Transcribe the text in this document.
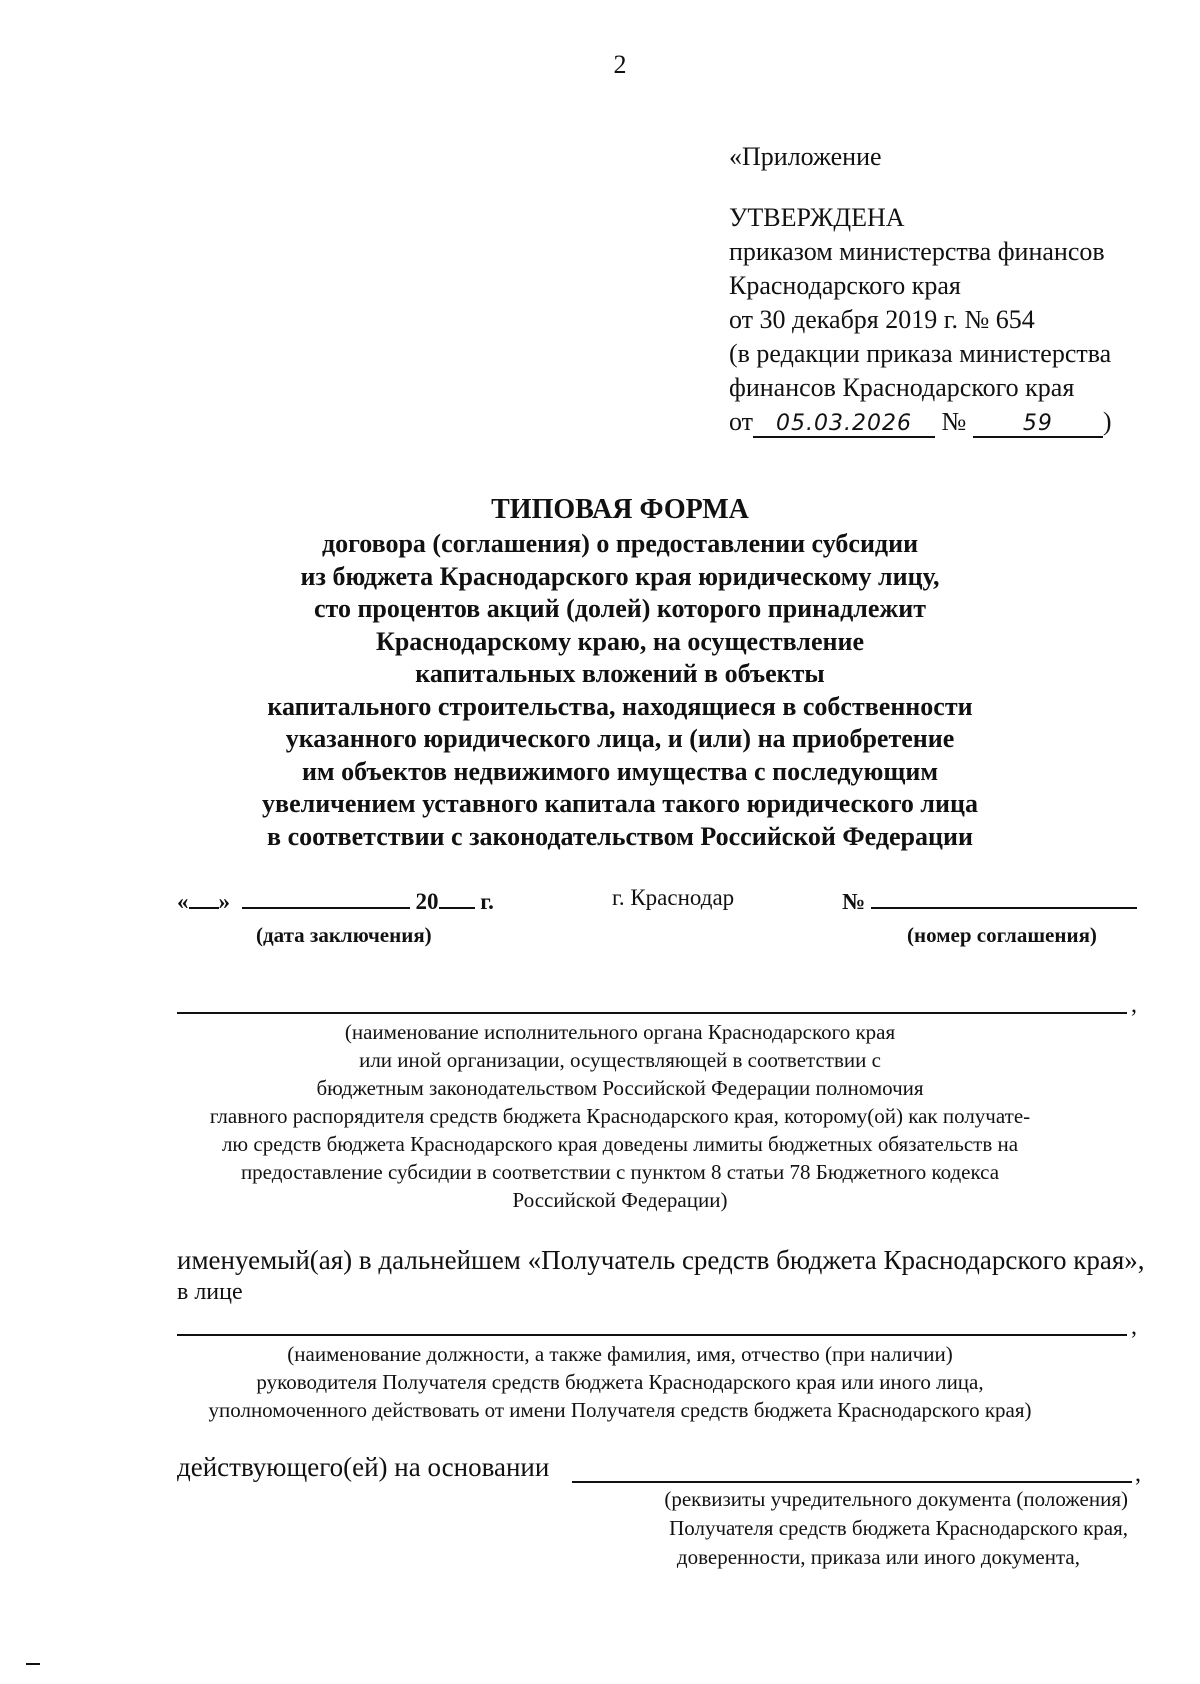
2
«Приложение
УТВЕРЖДЕНА
приказом министерства финансов
Краснодарского края
от 30 декабря 2019 г. № 654
(в редакции приказа министерства
финансов Краснодарского края
от 05.03.2026 №	59 )
ТИПОВАЯ ФОРМА
договора (соглашения) о предоставлении субсидии
из бюджета Краснодарского края юридическому лицу,
сто процентов акций (долей) которого принадлежит
Краснодарскому краю, на осуществление
капитальных вложений в объекты
капитального строительства, находящиеся в собственности
указанного юридического лица, и (или) на приобретение
им объектов недвижимого имущества с последующим
увеличением уставного капитала такого юридического лица
в соответствии с законодательством Российской Федерации
« »	20 г.	г. Краснодар	№
(дата заключения)	(номер соглашения)
,
(наименование исполнительного органа Краснодарского края
или иной организации, осуществляющей в соответствии с
бюджетным законодательством Российской Федерации полномочия
главного распорядителя средств бюджета Краснодарского края, которому(ой) как получате-
лю средств бюджета Краснодарского края доведены лимиты бюджетных обязательств на
предоставление субсидии в соответствии с пунктом 8 статьи 78 Бюджетного кодекса
Российской Федерации)
именуемый(ая) в дальнейшем «Получатель средств бюджета Краснодарского края»,
в лице
,
(наименование должности, а также фамилия, имя, отчество (при наличии)
руководителя Получателя средств бюджета Краснодарского края или иного лица,
уполномоченного действовать от имени Получателя средств бюджета Краснодарского края)
действующего(ей) на основании	,
(реквизиты учредительного документа (положения)
Получателя средств бюджета Краснодарского края,
доверенности, приказа или иного документа,
